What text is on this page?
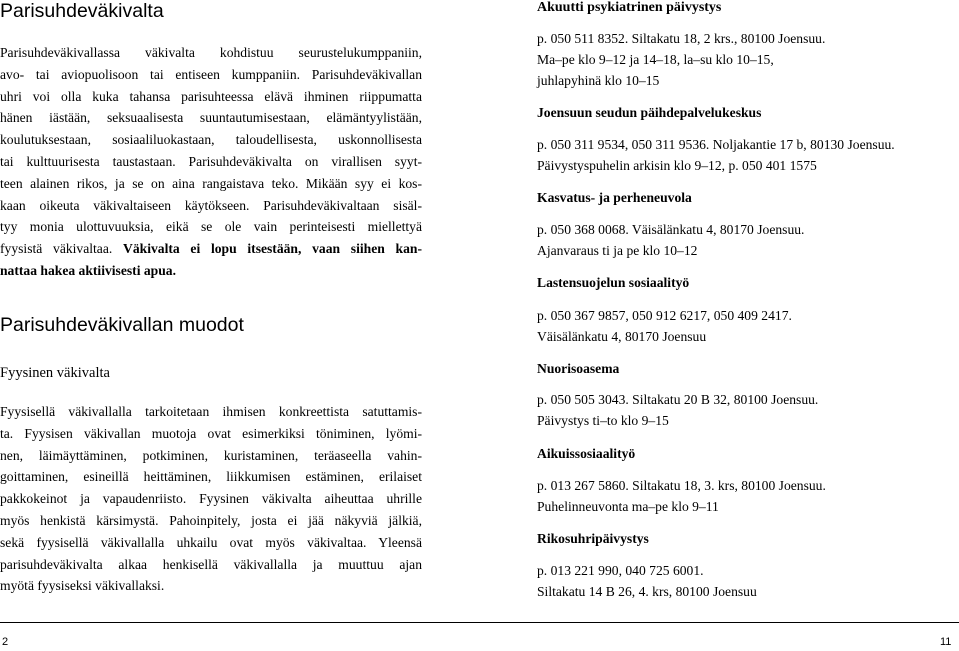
Parisuhdeväkivalta
Parisuhdeväkivallassa väkivalta kohdistuu seurustelukumppaniin,
avo- tai aviopuolisoon tai entiseen kumppaniin. Parisuhdeväkivallan
uhri voi olla kuka tahansa parisuhteessa elävä ihminen riippumatta
hänen iästään, seksuaalisesta suuntautumisestaan, elämäntyylistään,
koulutuksestaan, sosiaaliluokastaan, taloudellisesta, uskonnollisesta
tai kulttuurisesta taustastaan. Parisuhdeväkivalta on virallisen syyt-
teen alainen rikos, ja se on aina rangaistava teko. Mikään syy ei kos-
kaan oikeuta väkivaltaiseen käytökseen. Parisuhdeväkivaltaan sisäl-
tyy monia ulottuvuuksia, eikä se ole vain perinteisesti miellettyä
fyysistä väkivaltaa. Väkivalta ei lopu itsestään, vaan siihen kan-
nattaa hakea aktiivisesti apua.
Parisuhdeväkivallan muodot
Fyysinen väkivalta
Fyysisellä väkivallalla tarkoitetaan ihmisen konkreettista satuttamis-
ta. Fyysisen väkivallan muotoja ovat esimerkiksi töniminen, lyömi-
nen, läimäyttäminen, potkiminen, kuristaminen, teräaseella vahin-
goittaminen, esineillä heittäminen, liikkumisen estäminen, erilaiset
pakkokeinot ja vapaudenriisto. Fyysinen väkivalta aiheuttaa uhrille
myös henkistä kärsimystä. Pahoinpitely, josta ei jää näkyviä jälkiä,
sekä fyysisellä väkivallalla uhkailu ovat myös väkivaltaa. Yleensä
parisuhdeväkivalta alkaa henkisellä väkivallalla ja muuttuu ajan
myötä fyysiseksi väkivallaksi.
Akuutti psykiatrinen päivystys
p. 050 511 8352. Siltakatu 18, 2 krs., 80100 Joensuu.
Ma–pe klo 9–12 ja 14–18, la–su klo 10–15,
juhlapyhinä klo 10–15
Joensuun seudun päihdepalvelukeskus
p. 050 311 9534, 050 311 9536. Noljakantie 17 b, 80130 Joensuu.
Päivystyspuhelin arkisin klo 9–12, p. 050 401 1575
Kasvatus- ja perheneuvola
p. 050 368 0068. Väisälänkatu 4, 80170 Joensuu.
Ajanvaraus ti ja pe klo 10–12
Lastensuojelun sosiaalityö
p. 050 367 9857, 050 912 6217, 050 409 2417.
Väisälänkatu 4, 80170 Joensuu
Nuorisoasema
p. 050 505 3043. Siltakatu 20 B 32, 80100 Joensuu.
Päivystys ti–to klo 9–15
Aikuissosiaalityö
p. 013 267 5860. Siltakatu 18, 3. krs, 80100 Joensuu.
Puhelinneuvonta ma–pe klo 9–11
Rikosuhripäivystys
p. 013 221 990, 040 725 6001.
Siltakatu 14 B 26, 4. krs, 80100 Joensuu
2	11
